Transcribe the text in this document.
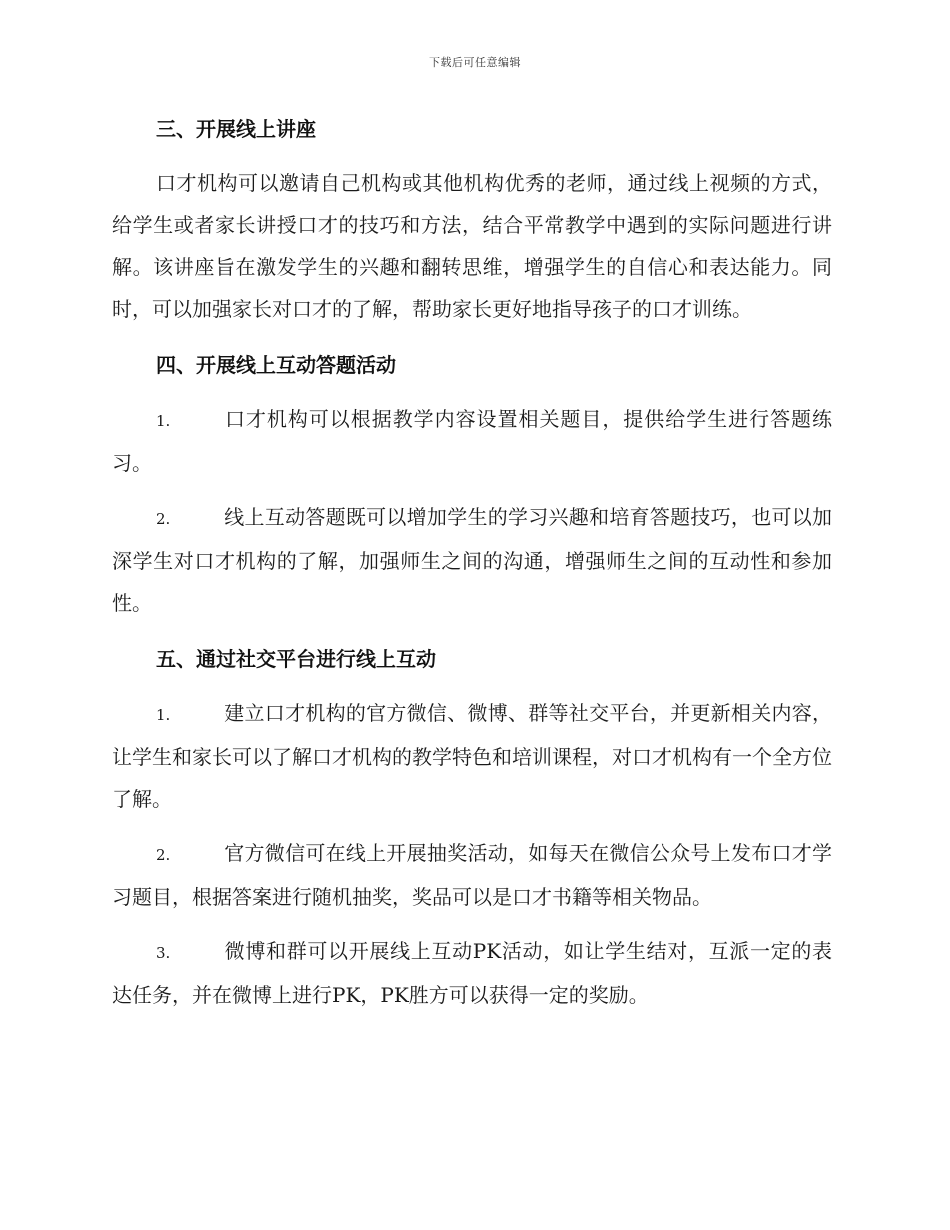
下载后可任意编辑
三、开展线上讲座

口才机构可以邀请自己机构或其他机构优秀的老师，通过线上视频的方式，给学生或者家长讲授口才的技巧和方法，结合平常教学中遇到的实际问题进行讲解。该讲座旨在激发学生的兴趣和翻转思维，增强学生的自信心和表达能力。同时，可以加强家长对口才的了解，帮助家长更好地指导孩子的口才训练。

四、开展线上互动答题活动

1.	口才机构可以根据教学内容设置相关题目，提供给学生进行答题练习。

2.	线上互动答题既可以增加学生的学习兴趣和培育答题技巧，也可以加深学生对口才机构的了解，加强师生之间的沟通，增强师生之间的互动性和参加性。

五、通过社交平台进行线上互动

1.	建立口才机构的官方微信、微博、群等社交平台，并更新相关内容，让学生和家长可以了解口才机构的教学特色和培训课程，对口才机构有一个全方位了解。

2.	官方微信可在线上开展抽奖活动，如每天在微信公众号上发布口才学习题目，根据答案进行随机抽奖，奖品可以是口才书籍等相关物品。

3.	微博和群可以开展线上互动PK活动，如让学生结对，互派一定的表达任务，并在微博上进行PK，PK胜方可以获得一定的奖励。
